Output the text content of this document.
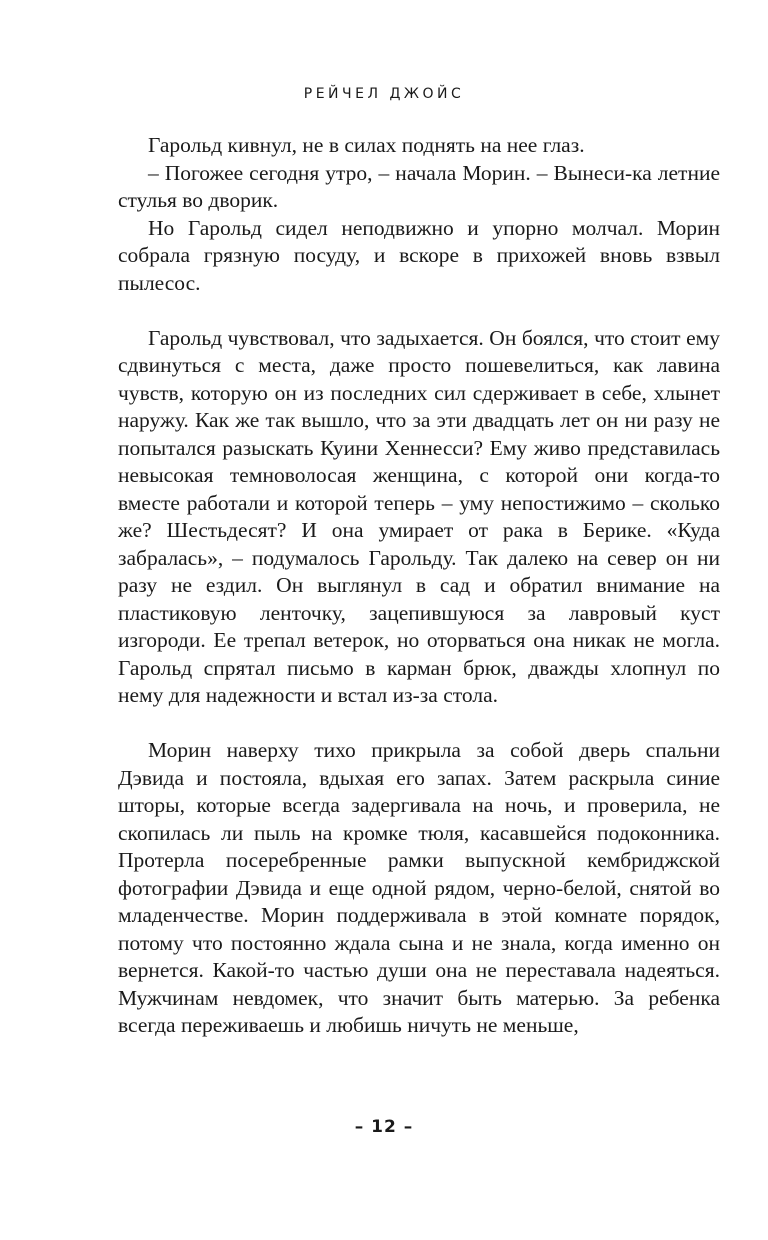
РЕЙЧЕЛ ДЖОЙС

Гарольд кивнул, не в силах поднять на нее глаз.

– Погожее сегодня утро, – начала Морин. – Вынеси-ка летние стулья во дворик.

Но Гарольд сидел неподвижно и упорно молчал. Морин собрала грязную посуду, и вскоре в прихожей вновь взвыл пылесос.

Гарольд чувствовал, что задыхается. Он боялся, что стоит ему сдвинуться с места, даже просто пошевелиться, как лавина чувств, которую он из последних сил сдерживает в себе, хлынет наружу. Как же так вышло, что за эти двадцать лет он ни разу не попытался разыскать Куини Хеннесси? Ему живо представилась невысокая темноволосая женщина, с которой они когда-то вместе работали и которой теперь – уму непостижимо – сколько же? Шестьдесят? И она умирает от рака в Берике. «Куда забралась», – подумалось Гарольду. Так далеко на север он ни разу не ездил. Он выглянул в сад и обратил внимание на пластиковую ленточку, зацепившуюся за лавровый куст изгороди. Ее трепал ветерок, но оторваться она никак не могла. Гарольд спрятал письмо в карман брюк, дважды хлопнул по нему для надежности и встал из-за стола.

Морин наверху тихо прикрыла за собой дверь спальни Дэвида и постояла, вдыхая его запах. Затем раскрыла синие шторы, которые всегда задергивала на ночь, и проверила, не скопилась ли пыль на кромке тюля, касавшейся подоконника. Протерла посеребренные рамки выпускной кембриджской фотографии Дэвида и еще одной рядом, черно-белой, снятой во младенчестве. Морин поддерживала в этой комнате порядок, потому что постоянно ждала сына и не знала, когда именно он вернется. Какой-то частью души она не переставала надеяться. Мужчинам невдомек, что значит быть матерью. За ребенка всегда переживаешь и любишь ничуть не меньше,

– 12 –
